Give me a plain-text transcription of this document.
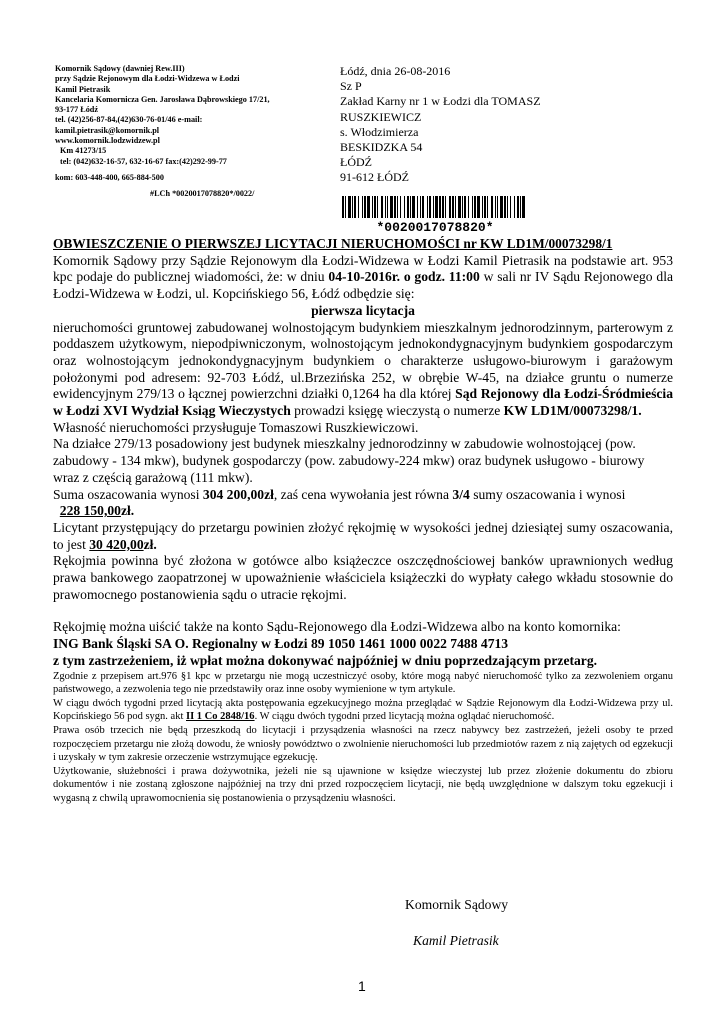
Komornik Sądowy (dawniej Rew.III)
przy Sądzie Rejonowym dla Łodzi-Widzewa w Łodzi
Kamil Pietrasik
Kancelaria Komornicza Gen. Jarosława Dąbrowskiego 17/21,
93-177 Łódź
tel. (42)256-87-84,(42)630-76-01/46 e-mail:
kamil.pietrasik@komornik.pl
www.komornik.lodzwidzew.pl
Km 41273/15
tel: (042)632-16-57, 632-16-67 fax:(42)292-99-77
kom: 603-448-400, 665-884-500
#LCh *0020017078820*/0022/
Łódź, dnia 26-08-2016
Sz P
Zakład Karny nr 1 w Łodzi dla TOMASZ
RUSZKIEWICZ
s. Włodzimierza
BESKIDZKA 54
ŁÓDŹ
91-612 ŁÓDŹ
*0020017078820*
OBWIESZCZENIE O PIERWSZEJ LICYTACJI NIERUCHOMOŚCI nr KW LD1M/00073298/1

Komornik Sądowy przy Sądzie Rejonowym dla Łodzi-Widzewa w Łodzi Kamil Pietrasik na podstawie art. 953 kpc podaje do publicznej wiadomości, że: w dniu 04-10-2016r. o godz. 11:00 w sali nr IV Sądu Rejonowego dla Łodzi-Widzewa w Łodzi, ul. Kopcińskiego 56, Łódź odbędzie się:

pierwsza licytacja

nieruchomości gruntowej zabudowanej wolnostojącym budynkiem mieszkalnym jednorodzinnym, parterowym z poddaszem użytkowym, niepodpiwniczonym, wolnostojącym jednokondygnacyjnym budynkiem gospodarczym oraz wolnostojącym jednokondygnacyjnym budynkiem o charakterze usługowo-biurowym i garażowym położonymi pod adresem: 92-703 Łódź, ul.Brzezińska 252, w obrębie W-45, na działce gruntu o numerze ewidencyjnym 279/13 o łącznej powierzchni działki 0,1264 ha dla której Sąd Rejonowy dla Łodzi-Śródmieścia w Łodzi XVI Wydział Ksiąg Wieczystych prowadzi księgę wieczystą o numerze KW LD1M/00073298/1.

Własność nieruchomości przysługuje Tomaszowi Ruszkiewiczowi.

Na działce 279/13 posadowiony jest budynek mieszkalny jednorodzinny w zabudowie wolnostojącej (pow. zabudowy - 134 mkw), budynek gospodarczy (pow. zabudowy-224 mkw) oraz budynek usługowo - biurowy wraz z częścią garażową (111 mkw).

Suma oszacowania wynosi 304 200,00zł, zaś cena wywołania jest równa 3/4 sumy oszacowania i wynosi
228 150,00zł.

Licytant przystępujący do przetargu powinien złożyć rękojmię w wysokości jednej dziesiątej sumy oszacowania, to jest 30 420,00zł.

Rękojmia powinna być złożona w gotówce albo książeczce oszczędnościowej banków uprawnionych według prawa bankowego zaopatrzonej w upoważnienie właściciela książeczki do wypłaty całego wkładu stosownie do prawomocnego postanowienia sądu o utracie rękojmi.

Rękojmię można uiścić także na konto Sądu-Rejonowego dla Łodzi-Widzewa albo na konto komornika:

ING Bank Śląski SA O. Regionalny w Łodzi 89 1050 1461 1000 0022 7488 4713

z tym zastrzeżeniem, iż wpłat można dokonywać najpóźniej w dniu poprzedzającym przetarg.

Zgodnie z przepisem art.976 §1 kpc w przetargu nie mogą uczestniczyć osoby, które mogą nabyć nieruchomość tylko za zezwoleniem organu państwowego, a zezwolenia tego nie przedstawiły oraz inne osoby wymienione w tym artykule.

W ciągu dwóch tygodni przed licytacją akta postępowania egzekucyjnego można przeglądać w Sądzie Rejonowym dla Łodzi-Widzewa przy ul. Kopcińskiego 56 pod sygn. akt II 1 Co 2848/16. W ciągu dwóch tygodni przed licytacją można oglądać nieruchomość.

Prawa osób trzecich nie będą przeszkodą do licytacji i przysądzenia własności na rzecz nabywcy bez zastrzeżeń, jeżeli osoby te przed rozpoczęciem przetargu nie złożą dowodu, że wniosły powództwo o zwolnienie nieruchomości lub przedmiotów razem z nią zajętych od egzekucji i uzyskały w tym zakresie orzeczenie wstrzymujące egzekucję.

Użytkowanie, służebności i prawa dożywotnika, jeżeli nie są ujawnione w księdze wieczystej lub przez złożenie dokumentu do zbioru dokumentów i nie zostaną zgłoszone najpóźniej na trzy dni przed rozpoczęciem licytacji, nie będą uwzględnione w dalszym toku egzekucji i wygasną z chwilą uprawomocnienia się postanowienia o przysądzeniu własności.

Komornik Sądowy
Kamil Pietrasik
1
